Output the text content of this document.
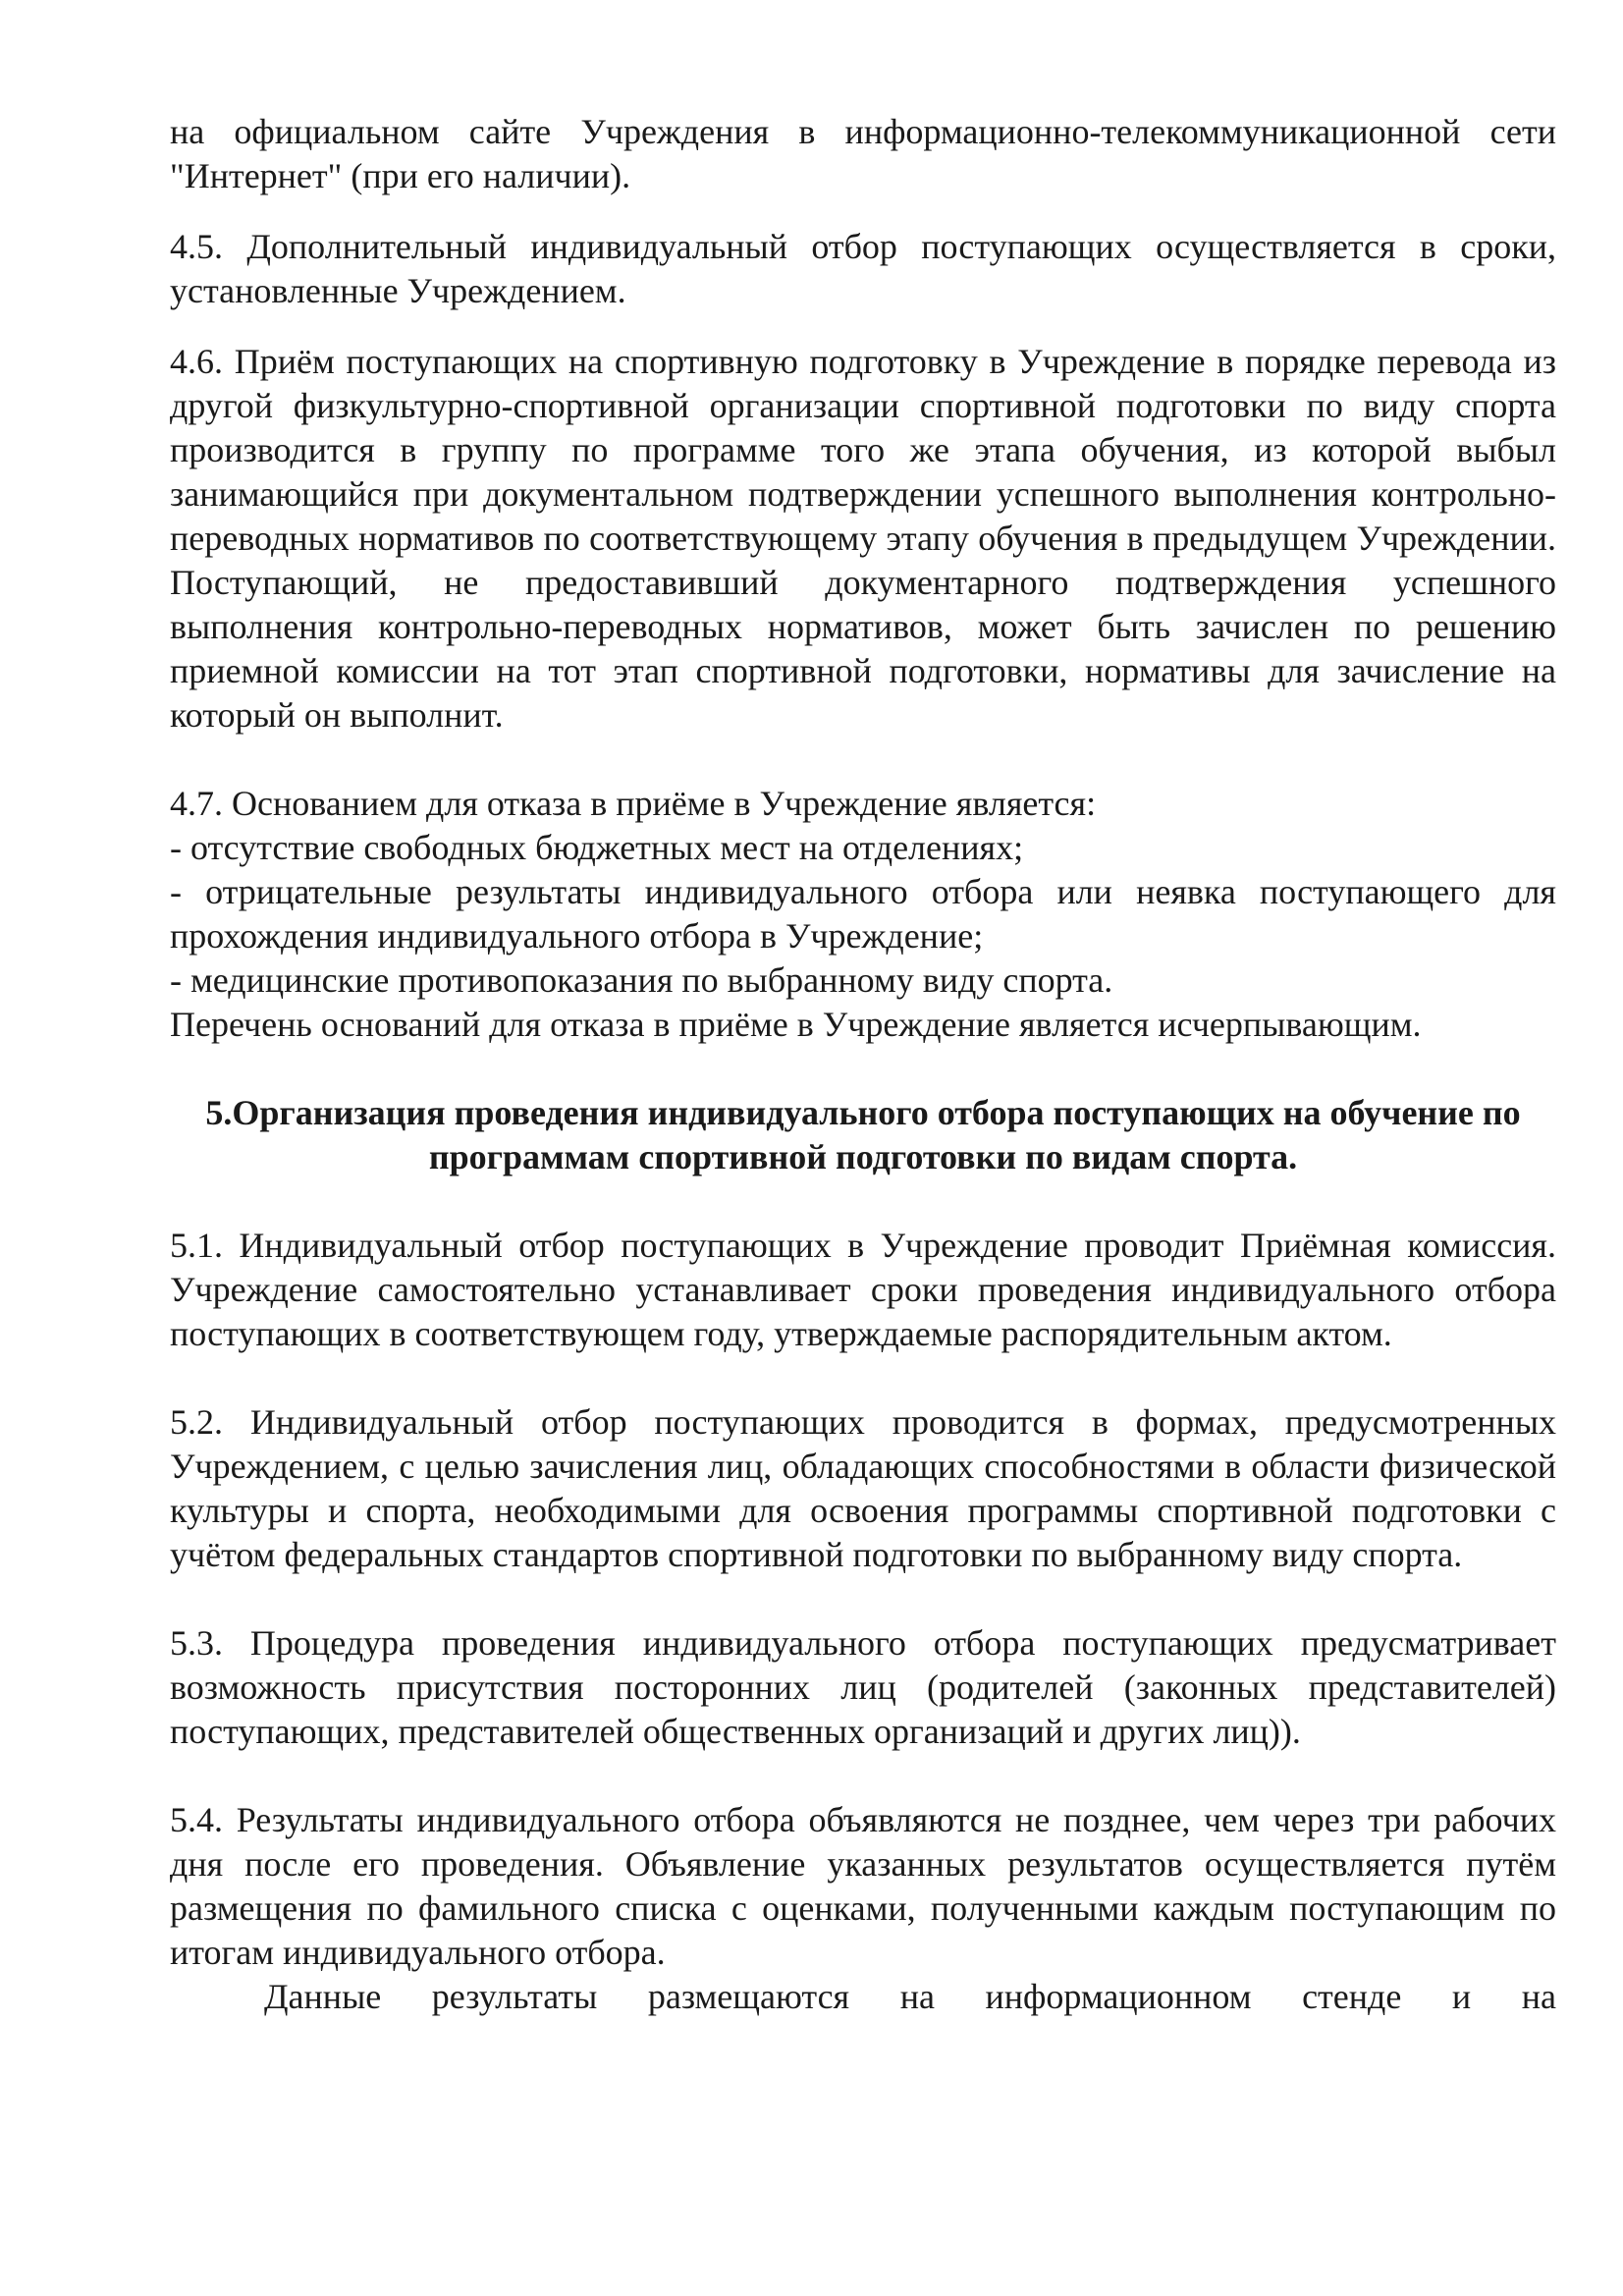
на официальном сайте Учреждения в информационно-телекоммуникационной сети "Интернет" (при его наличии).

4.5. Дополнительный индивидуальный отбор поступающих осуществляется в сроки, установленные Учреждением.

4.6. Приём поступающих на спортивную подготовку в Учреждение в порядке перевода из другой физкультурно-спортивной организации спортивной подготовки по виду спорта производится в группу по программе того же этапа обучения, из которой выбыл занимающийся при документальном подтверждении успешного выполнения контрольно-переводных нормативов по соответствующему этапу обучения в предыдущем Учреждении. Поступающий, не предоставивший документарного подтверждения успешного выполнения контрольно-переводных нормативов, может быть зачислен по решению приемной комиссии на тот этап спортивной подготовки, нормативы для зачисление на который он выполнит.

4.7. Основанием для отказа в приёме в Учреждение является:
- отсутствие свободных бюджетных мест на отделениях;
- отрицательные результаты индивидуального отбора или неявка поступающего для прохождения индивидуального отбора в Учреждение;
- медицинские противопоказания по выбранному виду спорта.
Перечень оснований для отказа в приёме в Учреждение является исчерпывающим.
5.Организация проведения индивидуального отбора поступающих на обучение по программам спортивной подготовки по видам спорта.

5.1. Индивидуальный отбор поступающих в Учреждение проводит Приёмная комиссия. Учреждение самостоятельно устанавливает сроки проведения индивидуального отбора поступающих в соответствующем году, утверждаемые распорядительным актом.

5.2. Индивидуальный отбор поступающих проводится в формах, предусмотренных Учреждением, с целью зачисления лиц, обладающих способностями в области физической культуры и спорта, необходимыми для освоения программы спортивной подготовки с учётом федеральных стандартов спортивной подготовки по выбранному виду спорта.

5.3. Процедура проведения индивидуального отбора поступающих предусматривает возможность присутствия посторонних лиц (родителей (законных представителей) поступающих, представителей общественных организаций и других лиц)).

5.4. Результаты индивидуального отбора объявляются не позднее, чем через три рабочих дня после его проведения. Объявление указанных результатов осуществляется путём размещения по фамильного списка с оценками, полученными каждым поступающим по итогам индивидуального отбора.

Данные результаты размещаются на информационном стенде и на
